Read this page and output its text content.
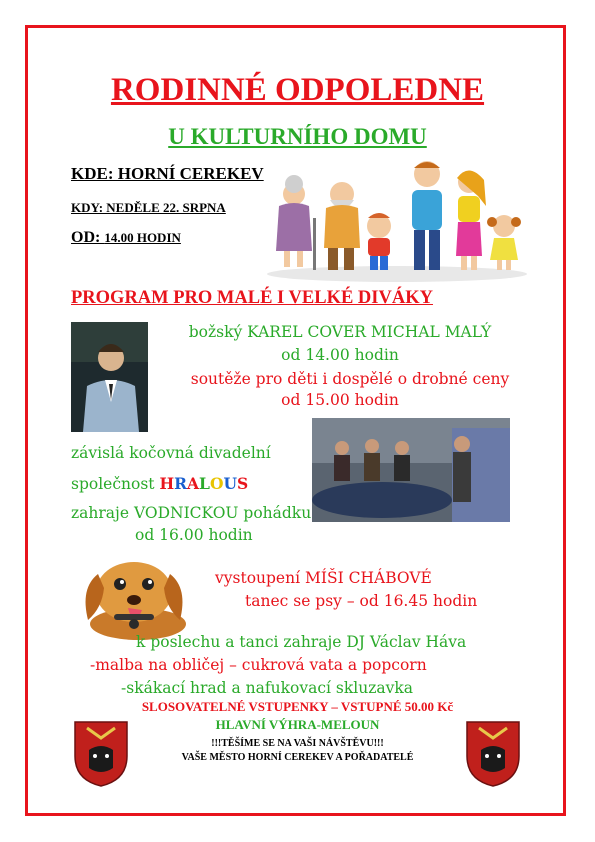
RODINNÉ ODPOLEDNE
U KULTURNÍHO DOMU
KDE: HORNÍ CEREKEV
KDY: NEDĚLE 22. SRPNA
OD: 14.00 HODIN
PROGRAM PRO MALÉ I VELKÉ DIVÁKY
božský KAREL COVER MICHAL MALÝ
od 14.00 hodin
soutěže pro děti i dospělé o drobné ceny
od 15.00 hodin
závislá kočovná divadelní
společnost HRALOUS
zahraje VODNICKOU pohádku
od 16.00 hodin
vystoupení MÍŠI CHÁBOVÉ
tanec se psy – od 16.45 hodin
k poslechu a tanci zahraje DJ Václav Háva
-malba na obličej – cukrová vata a popcorn
-skákací hrad a nafukovací skluzavka
SLOSOVATELNÉ VSTUPENKY – VSTUPNÉ 50.00 Kč
HLAVNÍ VÝHRA-MELOUN
!!!TĚŠÍME SE NA VAŠI NÁVŠTĚVU!!!
VAŠE MĚSTO HORNÍ CEREKEV A POŘADATELÉ
